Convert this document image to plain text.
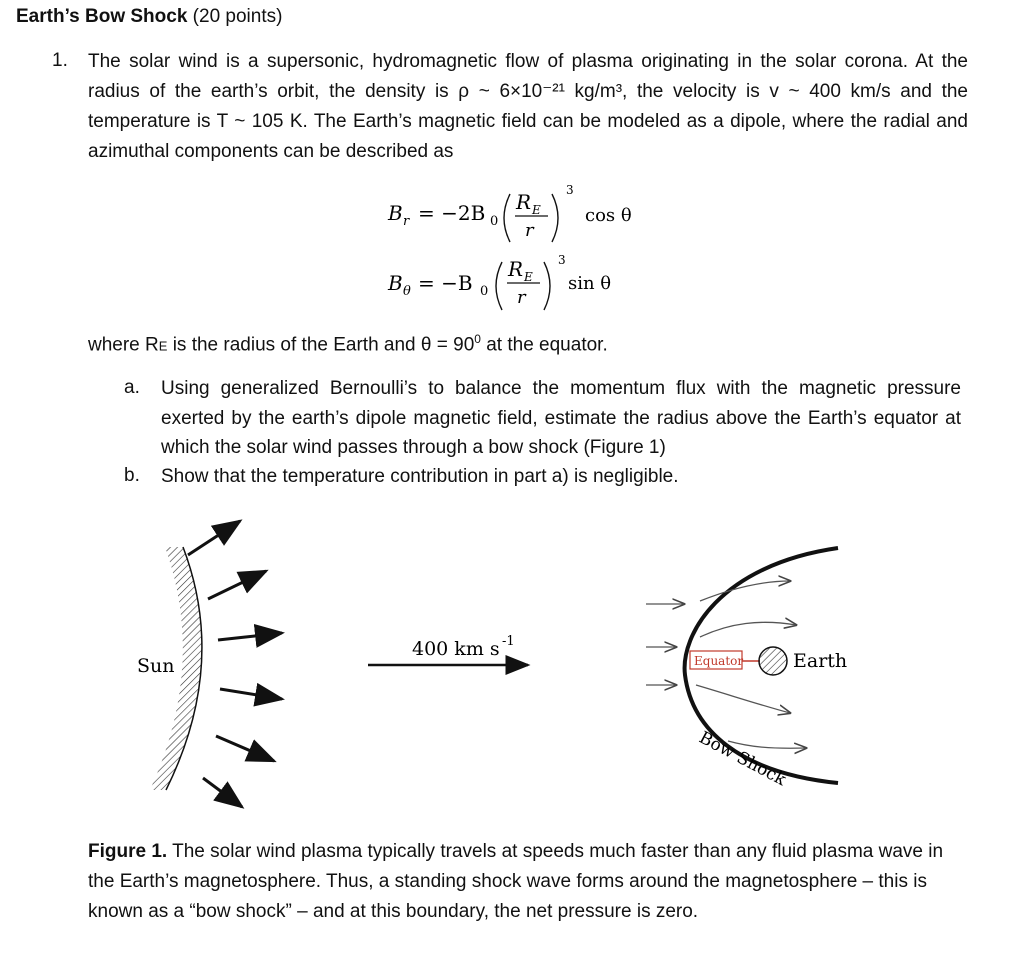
Earth’s Bow Shock (20 points)
1. The solar wind is a supersonic, hydromagnetic flow of plasma originating in the solar corona. At the radius of the earth’s orbit, the density is ρ ~ 6×10⁻²¹ kg/m³, the velocity is v ~ 400 km/s and the temperature is T ~ 105 K. The Earth’s magnetic field can be modeled as a dipole, where the radial and azimuthal components can be described as
B r = −2B 0
R E
r
3
cos θ
B θ = −B 0
R E
r
3
sin θ
where RE is the radius of the Earth and $\theta = 90^0$ at the equator.
a. Using generalized Bernoulli’s to balance the momentum flux with the magnetic pressure exerted by the earth’s dipole magnetic field, estimate the radius above the Earth’s equator at which the solar wind passes through a bow shock (Figure 1)
b. Show that the temperature contribution in part a) is negligible.
Sun
400 km s -1
Equator	Earth
Bow Shock
Figure 1. The solar wind plasma typically travels at speeds much faster than any fluid plasma wave in the Earth’s magnetosphere. Thus, a standing shock wave forms around the magnetosphere – this is known as a “bow shock” – and at this boundary, the net pressure is zero.
